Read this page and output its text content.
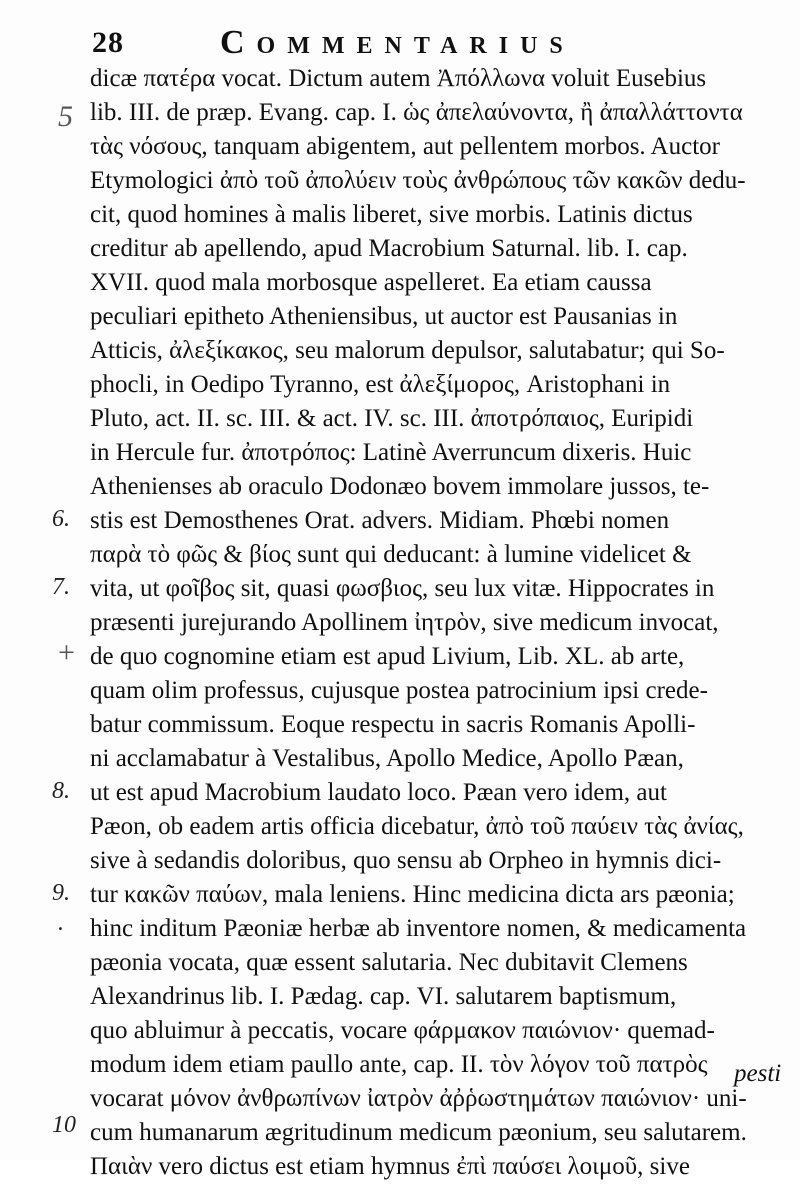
28	Commentarius
dicæ πατέρα vocat. Dictum autem Ἀπόλλωνα voluit Eusebius
lib. III. de præp. Evang. cap. I. ὡς ἀπελαύνοντα, ἢ ἀπαλλάττοντα
τὰς νόσους, tanquam abigentem, aut pellentem morbos. Auctor
Etymologici ἀπὸ τοῦ ἀπολύειν τοὺς ἀνθρώπους τῶν κακῶν dedu-
cit, quod homines à malis liberet, sive morbis. Latinis dictus
creditur ab apellendo, apud Macrobium Saturnal. lib. I. cap.
XVII. quod mala morbosque aspelleret. Ea etiam caussa
peculiari epitheto Atheniensibus, ut auctor est Pausanias in
Atticis, ἀλεξίκακος, seu malorum depulsor, salutabatur; qui So-
phocli, in Oedipo Tyranno, est ἀλεξίμορος, Aristophani in
Pluto, act. II. sc. III. & act. IV. sc. III. ἀποτρόπαιος, Euripidi
in Hercule fur. ἀποτρόπος: Latinè Averruncum dixeris. Huic
Athenienses ab oraculo Dodonæo bovem immolare jussos, te-
stis est Demosthenes Orat. advers. Midiam. Phœbi nomen
παρὰ τὸ φῶς & βίος sunt qui deducant: à lumine videlicet &
vita, ut φοῖβος sit, quasi φωσβιος, seu lux vitæ. Hippocrates in
præsenti jurejurando Apollinem ἰητρὸν, sive medicum invocat,
de quo cognomine etiam est apud Livium, Lib. XL. ab arte,
quam olim professus, cujusque postea patrocinium ipsi crede-
batur commissum. Eoque respectu in sacris Romanis Apolli-
ni acclamabatur à Vestalibus, Apollo Medice, Apollo Pæan,
ut est apud Macrobium laudato loco. Pæan vero idem, aut
Pæon, ob eadem artis officia dicebatur, ἀπὸ τοῦ παύειν τὰς ἀνίας,
sive à sedandis doloribus, quo sensu ab Orpheo in hymnis dici-
tur κακῶν παύων, mala leniens. Hinc medicina dicta ars pæonia;
hinc inditum Pæoniæ herbæ ab inventore nomen, & medicamenta
pæonia vocata, quæ essent salutaria. Nec dubitavit Clemens
Alexandrinus lib. I. Pædag. cap. VI. salutarem baptismum,
quo abluimur à peccatis, vocare φάρμακον παιώνιον· quemad-
modum idem etiam paullo ante, cap. II. τὸν λόγον τοῦ πατρὸς
vocarat μόνον ἀνθρωπίνων ἰατρὸν ἀῤῥωστημάτων παιώνιον· uni-
cum humanarum ægritudinum medicum pæonium, seu salutarem.
Παιὰν vero dictus est etiam hymnus ἐπὶ παύσει λοιμοῦ, sive
5
6.
7.
+
8.
9.
.
10
pesti
